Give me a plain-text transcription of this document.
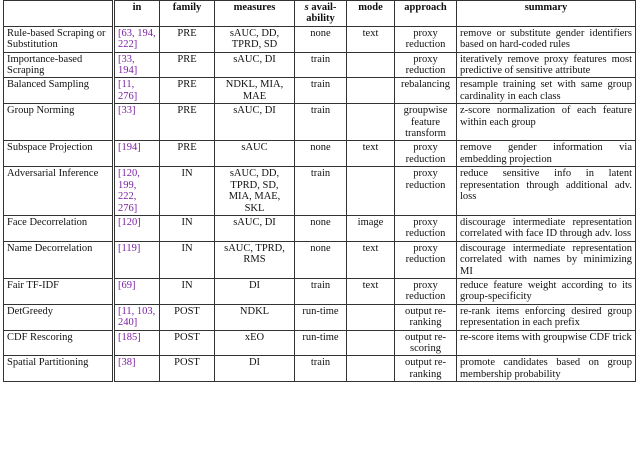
	in	family	measures	s avail-ability	mode	approach	summary
Rule-based Scraping or Substitution	[63, 194, 222]	PRE	sAUC, DD, TPRD, SD	none	text	proxy reduction	remove or substitute gender identifiers based on hard-coded rules
Importance-based Scraping	[33, 194]	PRE	sAUC, DI	train		proxy reduction	iteratively remove proxy features most predictive of sensitive attribute
Balanced Sampling	[11, 276]	PRE	NDKL, MIA, MAE	train		rebalancing	resample training set with same group cardinality in each class
Group Norming	[33]	PRE	sAUC, DI	train		groupwise feature transform	z-score normalization of each feature within each group
Subspace Projection	[194]	PRE	sAUC	none	text	proxy reduction	remove gender information via embedding projection
Adversarial Inference	[120, 199, 222, 276]	IN	sAUC, DD, TPRD, SD, MIA, MAE, SKL	train		proxy reduction	reduce sensitive info in latent representation through additional adv. loss
Face Decorrelation	[120]	IN	sAUC, DI	none	image	proxy reduction	discourage intermediate representation correlated with face ID through adv. loss
Name Decorrelation	[119]	IN	sAUC, TPRD, RMS	none	text	proxy reduction	discourage intermediate representation correlated with names by minimizing MI
Fair TF-IDF	[69]	IN	DI	train	text	proxy reduction	reduce feature weight according to its group-specificity
DetGreedy	[11, 103, 240]	POST	NDKL	run-time		output re-ranking	re-rank items enforcing desired group representation in each prefix
CDF Rescoring	[185]	POST	xEO	run-time		output re-scoring	re-score items with groupwise CDF trick
Spatial Partitioning	[38]	POST	DI	train		output re-ranking	promote candidates based on group membership probability
